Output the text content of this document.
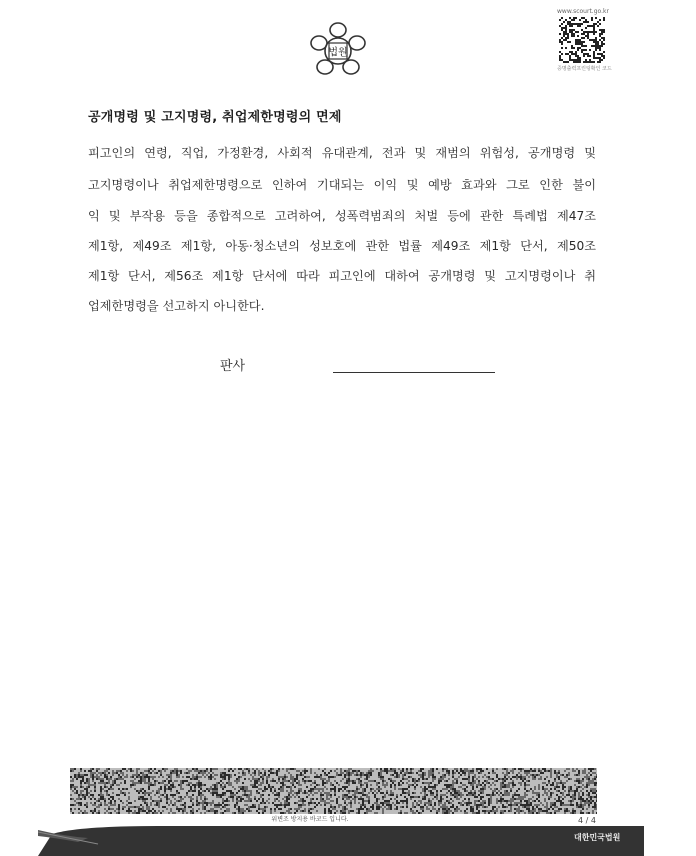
법원
www.scourt.go.kr
증명출력프린팅확인 코드
공개명령 및 고지명령, 취업제한명령의 면제
피고인의 연령, 직업, 가정환경, 사회적 유대관계, 전과 및 재범의 위험성, 공개명령 및
고지명령이나 취업제한명령으로 인하여 기대되는 이익 및 예방 효과와 그로 인한 불이
익 및 부작용 등을 종합적으로 고려하여, 성폭력범죄의 처벌 등에 관한 특례법 제47조
제1항, 제49조 제1항, 아동·청소년의 성보호에 관한 법률 제49조 제1항 단서, 제50조
제1항 단서, 제56조 제1항 단서에 따라 피고인에 대하여 공개명령 및 고지명령이나 취
업제한명령을 선고하지 아니한다.
판사
위변조 방지용 바코드 입니다.	4 / 4
대한민국법원
